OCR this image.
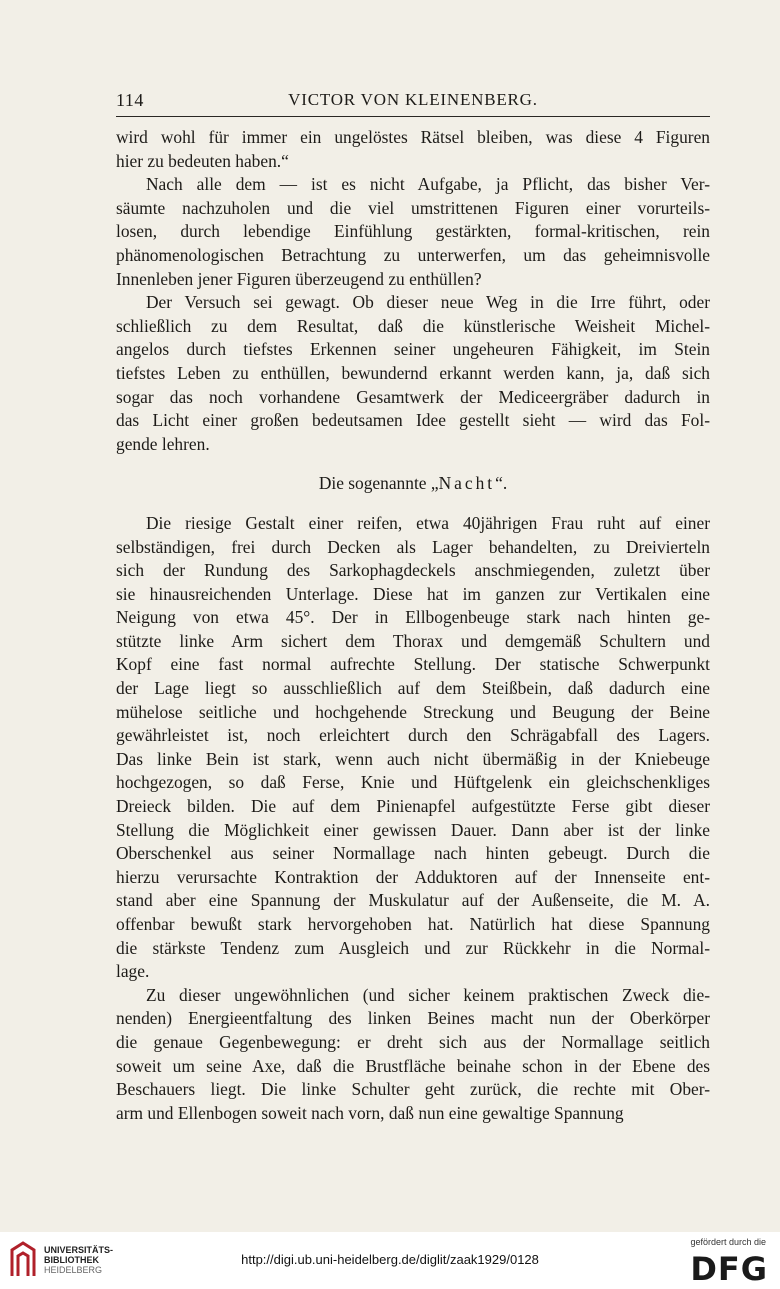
114	VICTOR VON KLEINENBERG.

wird wohl für immer ein ungelöstes Rätsel bleiben, was diese 4 Figuren

hier zu bedeuten haben.“

Nach alle dem — ist es nicht Aufgabe, ja Pflicht, das bisher Ver-

säumte nachzuholen und die viel umstrittenen Figuren einer vorurteils-

losen, durch lebendige Einfühlung gestärkten, formal-kritischen, rein

phänomenologischen Betrachtung zu unterwerfen, um das geheimnisvolle

Innenleben jener Figuren überzeugend zu enthüllen?

Der Versuch sei gewagt. Ob dieser neue Weg in die Irre führt, oder

schließlich zu dem Resultat, daß die künstlerische Weisheit Michel-

angelos durch tiefstes Erkennen seiner ungeheuren Fähigkeit, im Stein

tiefstes Leben zu enthüllen, bewundernd erkannt werden kann, ja, daß sich

sogar das noch vorhandene Gesamtwerk der Mediceergräber dadurch in

das Licht einer großen bedeutsamen Idee gestellt sieht — wird das Fol-

gende lehren.

Die sogenannte „Nacht“.

Die riesige Gestalt einer reifen, etwa 40jährigen Frau ruht auf einer

selbständigen, frei durch Decken als Lager behandelten, zu Dreivierteln

sich der Rundung des Sarkophagdeckels anschmiegenden, zuletzt über

sie hinausreichenden Unterlage. Diese hat im ganzen zur Vertikalen eine

Neigung von etwa 45°. Der in Ellbogenbeuge stark nach hinten ge-

stützte linke Arm sichert dem Thorax und demgemäß Schultern und

Kopf eine fast normal aufrechte Stellung. Der statische Schwerpunkt

der Lage liegt so ausschließlich auf dem Steißbein, daß dadurch eine

mühelose seitliche und hochgehende Streckung und Beugung der Beine

gewährleistet ist, noch erleichtert durch den Schrägabfall des Lagers.

Das linke Bein ist stark, wenn auch nicht übermäßig in der Kniebeuge

hochgezogen, so daß Ferse, Knie und Hüftgelenk ein gleichschenkliges

Dreieck bilden. Die auf dem Pinienapfel aufgestützte Ferse gibt dieser

Stellung die Möglichkeit einer gewissen Dauer. Dann aber ist der linke

Oberschenkel aus seiner Normallage nach hinten gebeugt. Durch die

hierzu verursachte Kontraktion der Adduktoren auf der Innenseite ent-

stand aber eine Spannung der Muskulatur auf der Außenseite, die M. A.

offenbar bewußt stark hervorgehoben hat. Natürlich hat diese Spannung

die stärkste Tendenz zum Ausgleich und zur Rückkehr in die Normal-

lage.

Zu dieser ungewöhnlichen (und sicher keinem praktischen Zweck die-

nenden) Energieentfaltung des linken Beines macht nun der Oberkörper

die genaue Gegenbewegung: er dreht sich aus der Normallage seitlich

soweit um seine Axe, daß die Brustfläche beinahe schon in der Ebene des

Beschauers liegt. Die linke Schulter geht zurück, die rechte mit Ober-

arm und Ellenbogen soweit nach vorn, daß nun eine gewaltige Spannung

UNIVERSITÄTS-
BIBLIOTHEK
HEIDELBERG
http://digi.ub.uni-heidelberg.de/diglit/zaak1929/0128
gefördert durch die
DFG
